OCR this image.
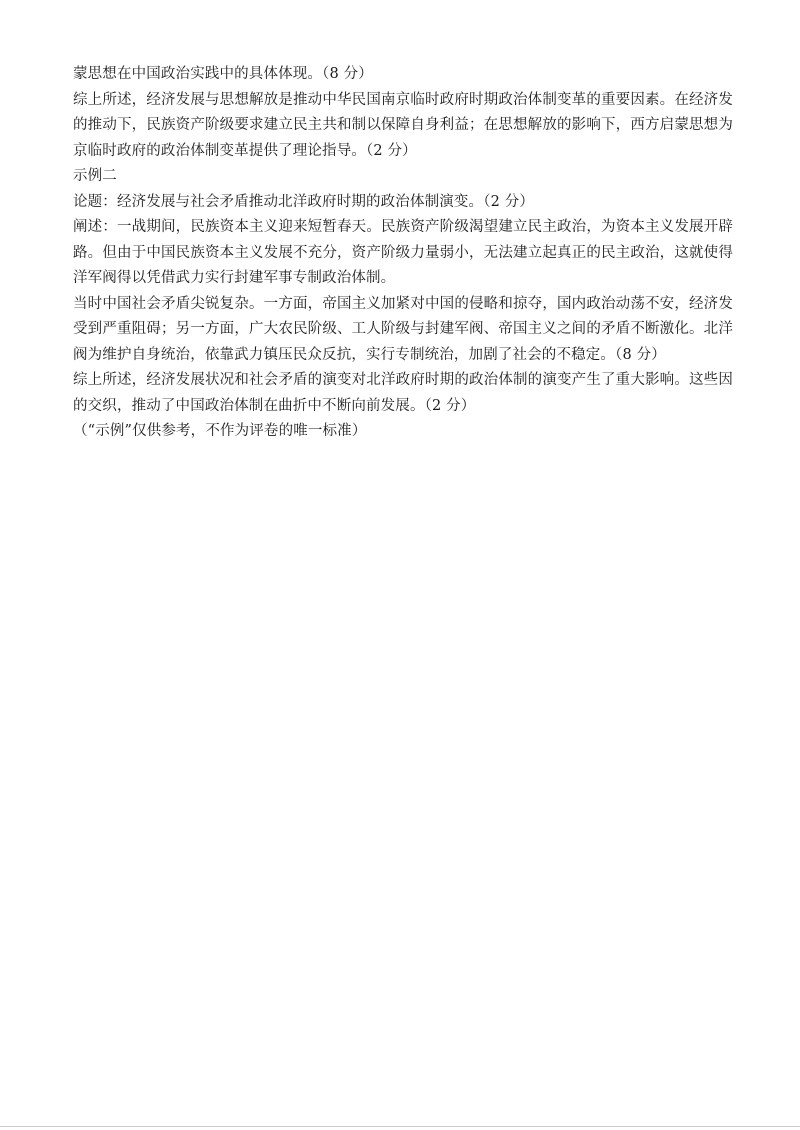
蒙思想在中国政治实践中的具体体现。（8 分）
综上所述，经济发展与思想解放是推动中华民国南京临时政府时期政治体制变革的重要因素。在经济发
的推动下，民族资产阶级要求建立民主共和制以保障自身利益；在思想解放的影响下，西方启蒙思想为
京临时政府的政治体制变革提供了理论指导。（2 分）
示例二
论题：经济发展与社会矛盾推动北洋政府时期的政治体制演变。（2 分）
阐述：一战期间，民族资本主义迎来短暂春天。民族资产阶级渴望建立民主政治，为资本主义发展开辟
路。但由于中国民族资本主义发展不充分，资产阶级力量弱小，无法建立起真正的民主政治，这就使得
洋军阀得以凭借武力实行封建军事专制政治体制。
当时中国社会矛盾尖锐复杂。一方面，帝国主义加紧对中国的侵略和掠夺，国内政治动荡不安，经济发
受到严重阻碍；另一方面，广大农民阶级、工人阶级与封建军阀、帝国主义之间的矛盾不断激化。北洋
阀为维护自身统治，依靠武力镇压民众反抗，实行专制统治，加剧了社会的不稳定。（8 分）
综上所述，经济发展状况和社会矛盾的演变对北洋政府时期的政治体制的演变产生了重大影响。这些因
的交织，推动了中国政治体制在曲折中不断向前发展。（2 分）
（“示例”仅供参考，不作为评卷的唯一标准）
